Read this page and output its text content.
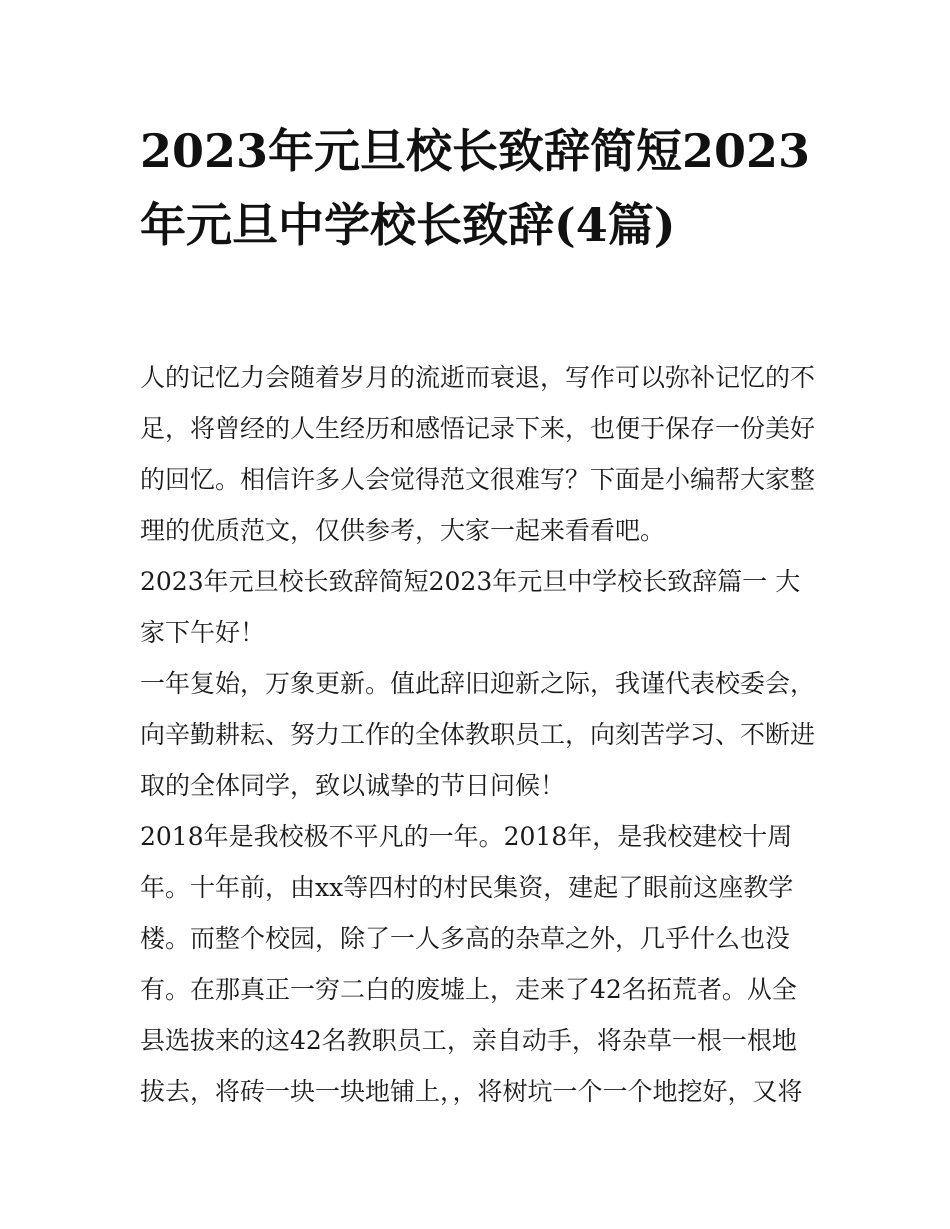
2023年元旦校长致辞简短2023年元旦中学校长致辞(4篇)

人的记忆力会随着岁月的流逝而衰退，写作可以弥补记忆的不足，将曾经的人生经历和感悟记录下来，也便于保存一份美好的回忆。相信许多人会觉得范文很难写？下面是小编帮大家整理的优质范文，仅供参考，大家一起来看看吧。

2023年元旦校长致辞简短2023年元旦中学校长致辞篇一 大家下午好！

一年复始，万象更新。值此辞旧迎新之际，我谨代表校委会，向辛勤耕耘、努力工作的全体教职员工，向刻苦学习、不断进取的全体同学，致以诚挚的节日问候！

2018年是我校极不平凡的一年。2018年，是我校建校十周年。十年前，由xx等四村的村民集资，建起了眼前这座教学楼。而整个校园，除了一人多高的杂草之外，几乎什么也没有。在那真正一穷二白的废墟上，走来了42名拓荒者。从全县选拔来的这42名教职员工，亲自动手，将杂草一根一根地拔去，将砖一块一块地铺上，，将树坑一个一个地挖好，又将
